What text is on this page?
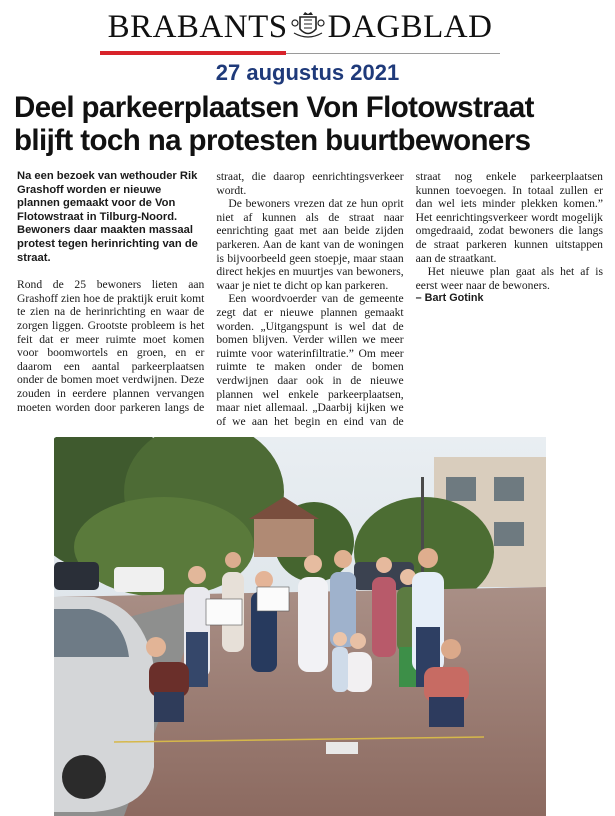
BRABANTS DAGBLAD
27 augustus 2021
Deel parkeerplaatsen Von Flotowstraat
blijft toch na protesten buurtbewoners

Na een bezoek van wethouder Rik Grashoff worden er nieuwe plannen gemaakt voor de Von Flotowstraat in Tilburg-Noord. Bewoners daar maakten massaal protest tegen herinrichting van de straat.

Rond de 25 bewoners lieten aan Grashoff zien hoe de praktijk eruit komt te zien na de herinrichting en waar de zorgen liggen. Grootste probleem is het feit dat er meer ruimte moet komen voor boomwortels en groen, en er daarom een aantal parkeerplaatsen onder de bomen moet verdwijnen. Deze zouden in eerdere plannen vervangen moeten worden door parkeren langs de straat, die daarop eenrichtingsverkeer wordt.

De bewoners vrezen dat ze hun oprit niet af kunnen als de straat naar eenrichting gaat met aan beide zijden parkeren. Aan de kant van de woningen is bijvoorbeeld geen stoepje, maar staan direct hekjes en muurtjes van bewoners, waar je niet te dicht op kan parkeren.

Een woordvoerder van de gemeente zegt dat er nieuwe plannen gemaakt worden. „Uitgangspunt is wel dat de bomen blijven. Verder willen we meer ruimte voor waterinfiltratie.” Om meer ruimte te maken onder de bomen verdwijnen daar ook in de nieuwe plannen wel enkele parkeerplaatsen, maar niet allemaal. „Daarbij kijken we of we aan het begin en eind van de straat nog enkele parkeerplaatsen kunnen toevoegen. In totaal zullen er dan wel iets minder plekken komen.” Het eenrichtingsverkeer wordt mogelijk omgedraaid, zodat bewoners die langs de straat parkeren kunnen uitstappen aan de straatkant.

Het nieuwe plan gaat als het af is eerst weer naar de bewoners.

– Bart Gotink
